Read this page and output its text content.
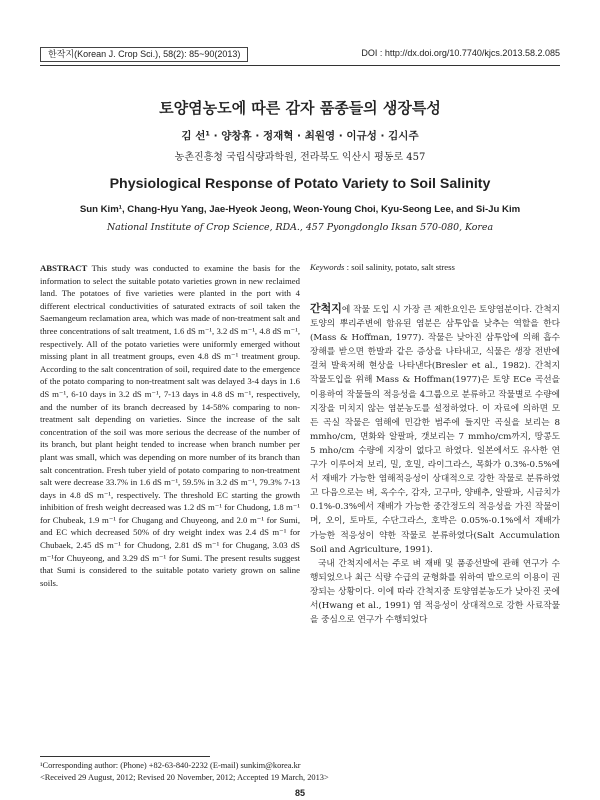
한작지(Korean J. Crop Sci.), 58(2): 85~90(2013)	DOI : http://dx.doi.org/10.7740/kjcs.2013.58.2.085
토양염농도에 따른 감자 품종들의 생장특성
김 선¹ · 양창휴 · 정재혁 · 최원영 · 이규성 · 김시주
농촌진흥청 국립식량과학원, 전라북도 익산시 평동로 457
Physiological Response of Potato Variety to Soil Salinity
Sun Kim¹, Chang-Hyu Yang, Jae-Hyeok Jeong, Weon-Young Choi, Kyu-Seong Lee, and Si-Ju Kim
National Institute of Crop Science, RDA., 457 Pyongdonglo Iksan 570-080, Korea
ABSTRACT This study was conducted to examine the basis for the information to select the suitable potato varieties grown in new reclaimed land. The potatoes of five varieties were planted in the port with 4 different electrical conductivities of saturated extracts of soil taken the Saemangeum reclamation area, which was made of non-treatment salt and three concentrations of salt treatment, 1.6 dS m⁻¹, 3.2 dS m⁻¹, 4.8 dS m⁻¹, respectively. All of the potato varieties were uniformly emerged without missing plant in all treatment groups, even 4.8 dS m⁻¹ treatment group. According to the salt concentration of soil, required date to the emergence of the potato comparing to non-treatment salt was delayed 3-4 days in 1.6 dS m⁻¹, 6-10 days in 3.2 dS m⁻¹, 7-13 days in 4.8 dS m⁻¹, respectively, and the number of its branch decreased by 14-58% comparing to non-treatment salt depending on varieties. Since the increase of the salt concentration of the soil was more serious the decrease of the number of its branch, but plant height tended to increase when branch number per plant was small, which was depending on more number of its branch than salt concentration. Fresh tuber yield of potato comparing to non-treatment salt were decrease 33.7% in 1.6 dS m⁻¹, 59.5% in 3.2 dS m⁻¹, 79.3% 7-13 days in 4.8 dS m⁻¹, respectively. The threshold EC starting the growth inhibition of fresh weight decreased was 1.2 dS m⁻¹ for Chudong, 1.8 m⁻¹ for Chubeak, 1.9 m⁻¹ for Chugang and Chuyeong, and 2.0 m⁻¹ for Sumi, and EC which decreased 50% of dry weight index was 2.4 dS m⁻¹ for Chubaek, 2.45 dS m⁻¹ for Chudong, 2.81 dS m⁻¹ for Chugang, 3.03 dS m⁻¹for Chuyeong, and 3.29 dS m⁻¹ for Sumi. The present results suggest that Sumi is considered to the suitable potato variety grown on saline soils.
Keywords : soil salinity, potato, salt stress

간척지에 작물 도입 시 가장 큰 제한요인은 토양염분이다. 간척지토양의 뿌리주변에 함유된 염분은 삼투압을 낮추는 역할을 한다(Mass & Hoffman, 1977). 작물은 낮아진 삼투압에 의해 흡수장해를 받으면 한발과 같은 증상을 나타내고, 식물은 생장 전반에 걸쳐 발육저해 현상을 나타낸다(Bresler et al., 1982). 간척지 작물도입을 위해 Mass & Hoffman(1977)은 토양 ECe 곡선을 이용하여 작물들의 적응성을 4그룹으로 분류하고 작물별로 수량에 지장을 미치지 않는 염분농도를 설정하였다. 이 자료에 의하면 모든 곡실 작물은 염해에 민감한 범주에 들지만 곡실을 보리는 8 mmho/cm, 면화와 알팔파, 갯보리는 7 mmho/cm까지, 땅콩도 5 mho/cm 수량에 지장이 없다고 하였다. 일본에서도 유사한 연구가 이루어져 보리, 밀, 호밀, 라이그라스, 목화가 0.3%-0.5%에서 재배가 가능한 염해적응성이 상대적으로 강한 작물로 분류하였고 다음으로는 벼, 옥수수, 감자, 고구마, 양배추, 알팔파, 시금치가 0.1%-0.3%에서 재배가 가능한 중간정도의 적응성을 가진 작물이며, 오이, 토마토, 수단그라스, 호박은 0.05%-0.1%에서 재배가 가능한 적응성이 약한 작물로 분류하였다(Salt Accumulation Soil and Agriculture, 1991).

국내 간척지에서는 주로 벼 재배 및 품종선발에 관해 연구가 수행되었으나 최근 식량 수급의 균형화를 위하여 밭으로의 이용이 권장되는 상황이다. 이에 따라 간척지중 토양염분농도가 낮아진 곳에서(Hwang et al., 1991) 염 적응성이 상대적으로 강한 사료작물을 중심으로 연구가 수행되었다

¹Corresponding author: (Phone) +82-63-840-2232 (E-mail) sunkim@korea.kr

<Received 29 August, 2012; Revised 20 November, 2012; Accepted 19 March, 2013>

85
